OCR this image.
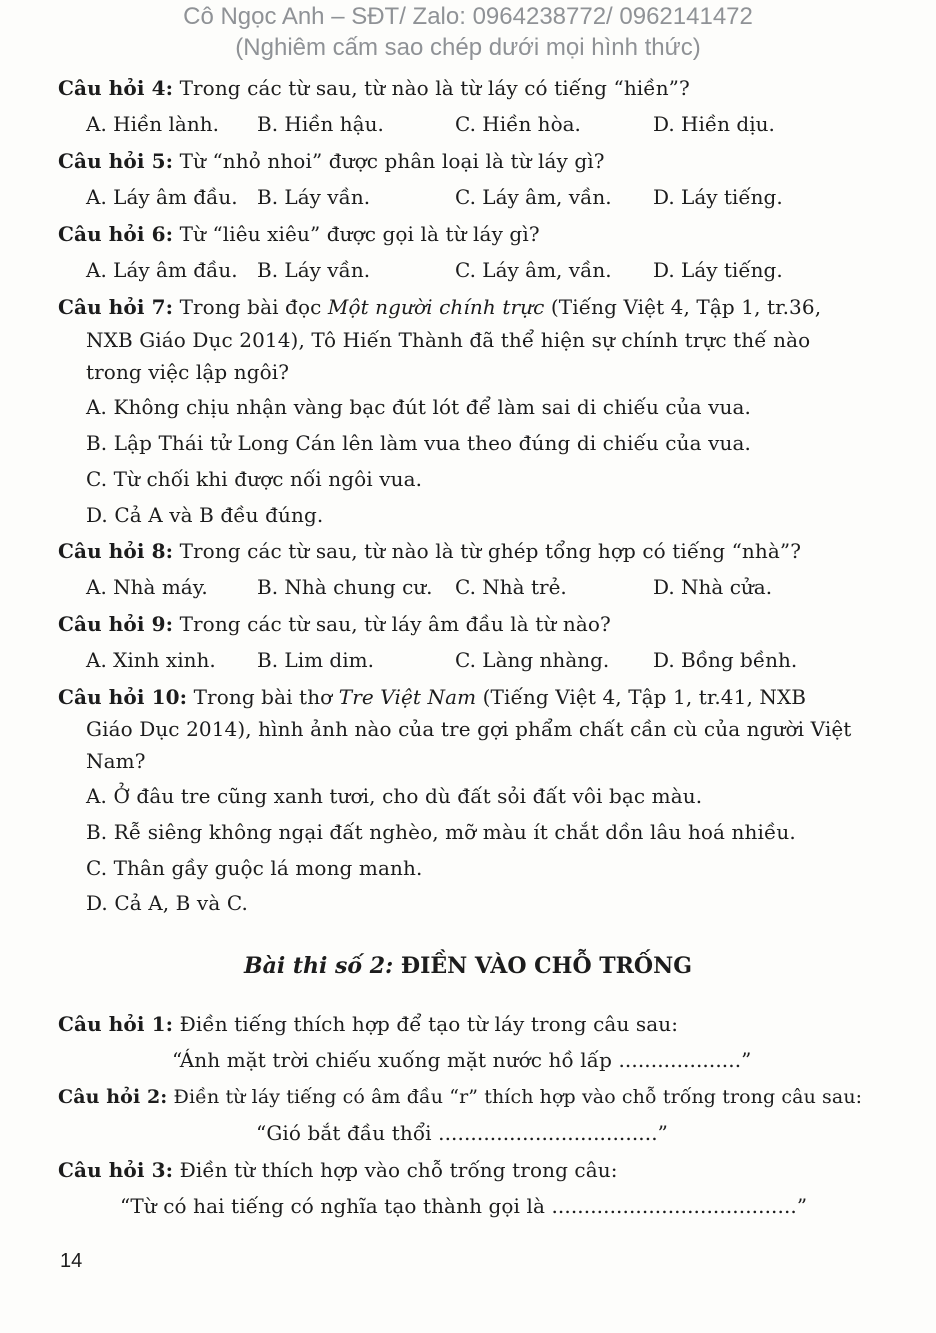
Cô Ngọc Anh – SĐT/ Zalo: 0964238772/ 0962141472
(Nghiêm cấm sao chép dưới mọi hình thức)
Câu hỏi 4: Trong các từ sau, từ nào là từ láy có tiếng “hiền”?
A. Hiền lành. B. Hiền hậu.	C. Hiền hòa.	D. Hiền dịu.
Câu hỏi 5: Từ “nhỏ nhoi” được phân loại là từ láy gì?
A. Láy âm đầu. B. Láy vần.	C. Láy âm, vần. D. Láy tiếng.
Câu hỏi 6: Từ “liêu xiêu” được gọi là từ láy gì?
A. Láy âm đầu. B. Láy vần.	C. Láy âm, vần. D. Láy tiếng.
Câu hỏi 7: Trong bài đọc Một người chính trực (Tiếng Việt 4, Tập 1, tr.36,
NXB Giáo Dục 2014), Tô Hiến Thành đã thể hiện sự chính trực thế nào
trong việc lập ngôi?
A. Không chịu nhận vàng bạc đút lót để làm sai di chiếu của vua.
B. Lập Thái tử Long Cán lên làm vua theo đúng di chiếu của vua.
C. Từ chối khi được nối ngôi vua.
D. Cả A và B đều đúng.
Câu hỏi 8: Trong các từ sau, từ nào là từ ghép tổng hợp có tiếng “nhà”?
A. Nhà máy. B. Nhà chung cư. C. Nhà trẻ.	D. Nhà cửa.
Câu hỏi 9: Trong các từ sau, từ láy âm đầu là từ nào?
A. Xinh xinh. B. Lim dim.	C. Làng nhàng. D. Bồng bềnh.
Câu hỏi 10: Trong bài thơ Tre Việt Nam (Tiếng Việt 4, Tập 1, tr.41, NXB
Giáo Dục 2014), hình ảnh nào của tre gợi phẩm chất cần cù của người Việt
Nam?
A. Ở đâu tre cũng xanh tươi, cho dù đất sỏi đất vôi bạc màu.
B. Rễ siêng không ngại đất nghèo, mỡ màu ít chắt dồn lâu hoá nhiều.
C. Thân gầy guộc lá mong manh.
D. Cả A, B và C.
Bài thi số 2: ĐIỀN VÀO CHỖ TRỐNG
Câu hỏi 1: Điền tiếng thích hợp để tạo từ láy trong câu sau:
“Ánh mặt trời chiếu xuống mặt nước hồ lấp ...................”
Câu hỏi 2: Điền từ láy tiếng có âm đầu “r” thích hợp vào chỗ trống trong câu sau:
“Gió bắt đầu thổi ..................................”
Câu hỏi 3: Điền từ thích hợp vào chỗ trống trong câu:
“Từ có hai tiếng có nghĩa tạo thành gọi là ......................................”
14
